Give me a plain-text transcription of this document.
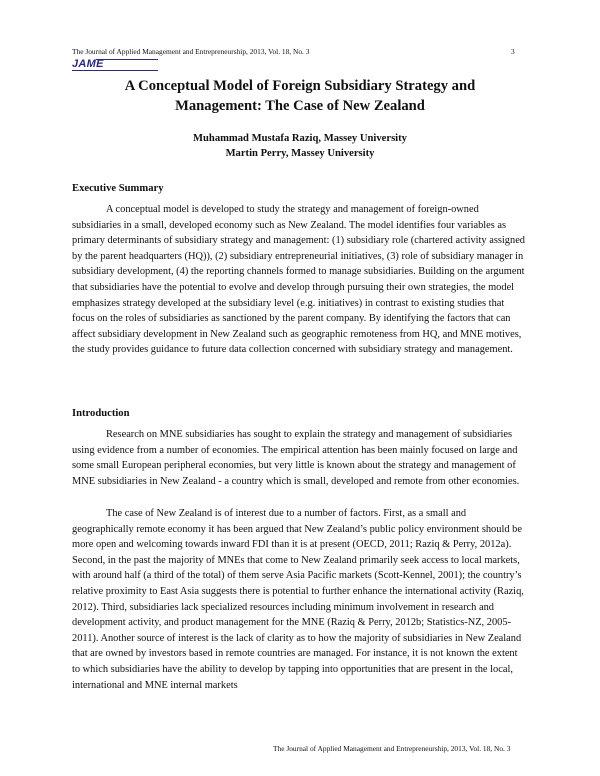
The Journal of Applied Management and Entrepreneurship, 2013, Vol. 18, No. 3	3
JAME
A Conceptual Model of Foreign Subsidiary Strategy and
Management: The Case of New Zealand
Muhammad Mustafa Raziq, Massey University
Martin Perry, Massey University
Executive Summary
A conceptual model is developed to study the strategy and management of foreign-owned subsidiaries in a small, developed economy such as New Zealand. The model identifies four variables as primary determinants of subsidiary strategy and management: (1) subsidiary role (chartered activity assigned by the parent headquarters (HQ)), (2) subsidiary entrepreneurial initiatives, (3) role of subsidiary manager in subsidiary development, (4) the reporting channels formed to manage subsidiaries. Building on the argument that subsidiaries have the potential to evolve and develop through pursuing their own strategies, the model emphasizes strategy developed at the subsidiary level (e.g. initiatives) in contrast to existing studies that focus on the roles of subsidiaries as sanctioned by the parent company. By identifying the factors that can affect subsidiary development in New Zealand such as geographic remoteness from HQ, and MNE motives, the study provides guidance to future data collection concerned with subsidiary strategy and management.
Introduction
Research on MNE subsidiaries has sought to explain the strategy and management of subsidiaries using evidence from a number of economies. The empirical attention has been mainly focused on large and some small European peripheral economies, but very little is known about the strategy and management of MNE subsidiaries in New Zealand - a country which is small, developed and remote from other economies.
The case of New Zealand is of interest due to a number of factors. First, as a small and geographically remote economy it has been argued that New Zealand’s public policy environment should be more open and welcoming towards inward FDI than it is at present (OECD, 2011; Raziq & Perry, 2012a). Second, in the past the majority of MNEs that come to New Zealand primarily seek access to local markets, with around half (a third of the total) of them serve Asia Pacific markets (Scott-Kennel, 2001); the country’s relative proximity to East Asia suggests there is potential to further enhance the international activity (Raziq, 2012). Third, subsidiaries lack specialized resources including minimum involvement in research and development activity, and product management for the MNE (Raziq & Perry, 2012b; Statistics-NZ, 2005-2011). Another source of interest is the lack of clarity as to how the majority of subsidiaries in New Zealand that are owned by investors based in remote countries are managed. For instance, it is not known the extent to which subsidiaries have the ability to develop by tapping into opportunities that are present in the local, international and MNE internal markets
The Journal of Applied Management and Entrepreneurship, 2013, Vol. 18, No. 3
